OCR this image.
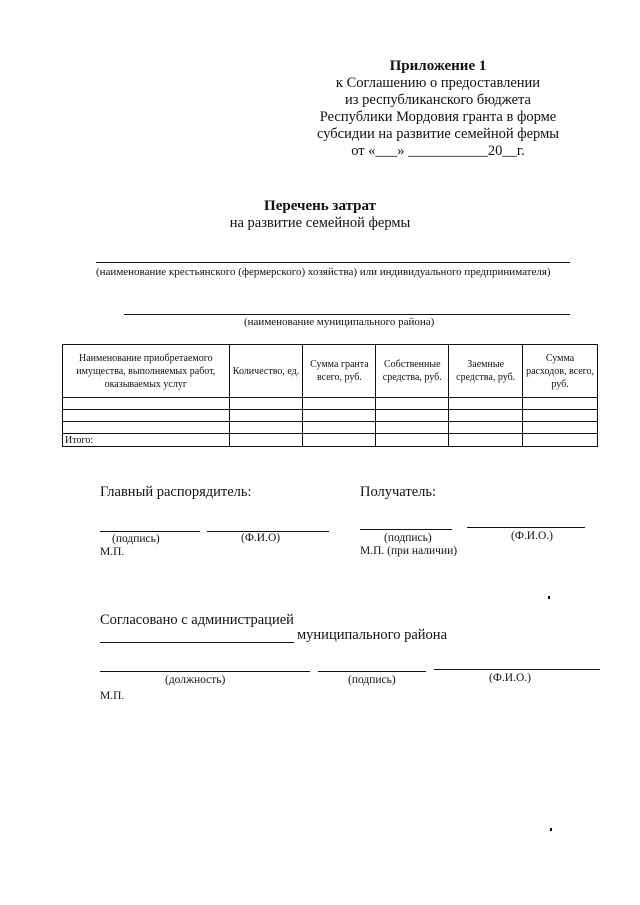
Приложение 1
к Соглашению о предоставлении
из республиканского бюджета
Республики Мордовия гранта в форме
субсидии на развитие семейной фермы
от «___» ___________20__г.
Перечень затрат
на развитие семейной фермы
(наименование крестьянского (фермерского) хозяйства) или индивидуального предпринимателя)
(наименование муниципального района)
Наименование приобретаемого имущества, выполняемых работ, оказываемых услуг	Количество, ед.	Сумма гранта всего, руб.	Собственные средства, руб.	Заемные средства, руб.	Сумма расходов, всего, руб.

Итого:					
Главный распорядитель:	Получатель:
(подпись)	(Ф.И.О)	(подпись)	(Ф.И.О.)
М.П.	М.П. (при наличии)
Согласовано с администрацией
муниципального района
(должность)	(подпись)	(Ф.И.О.)
М.П.
